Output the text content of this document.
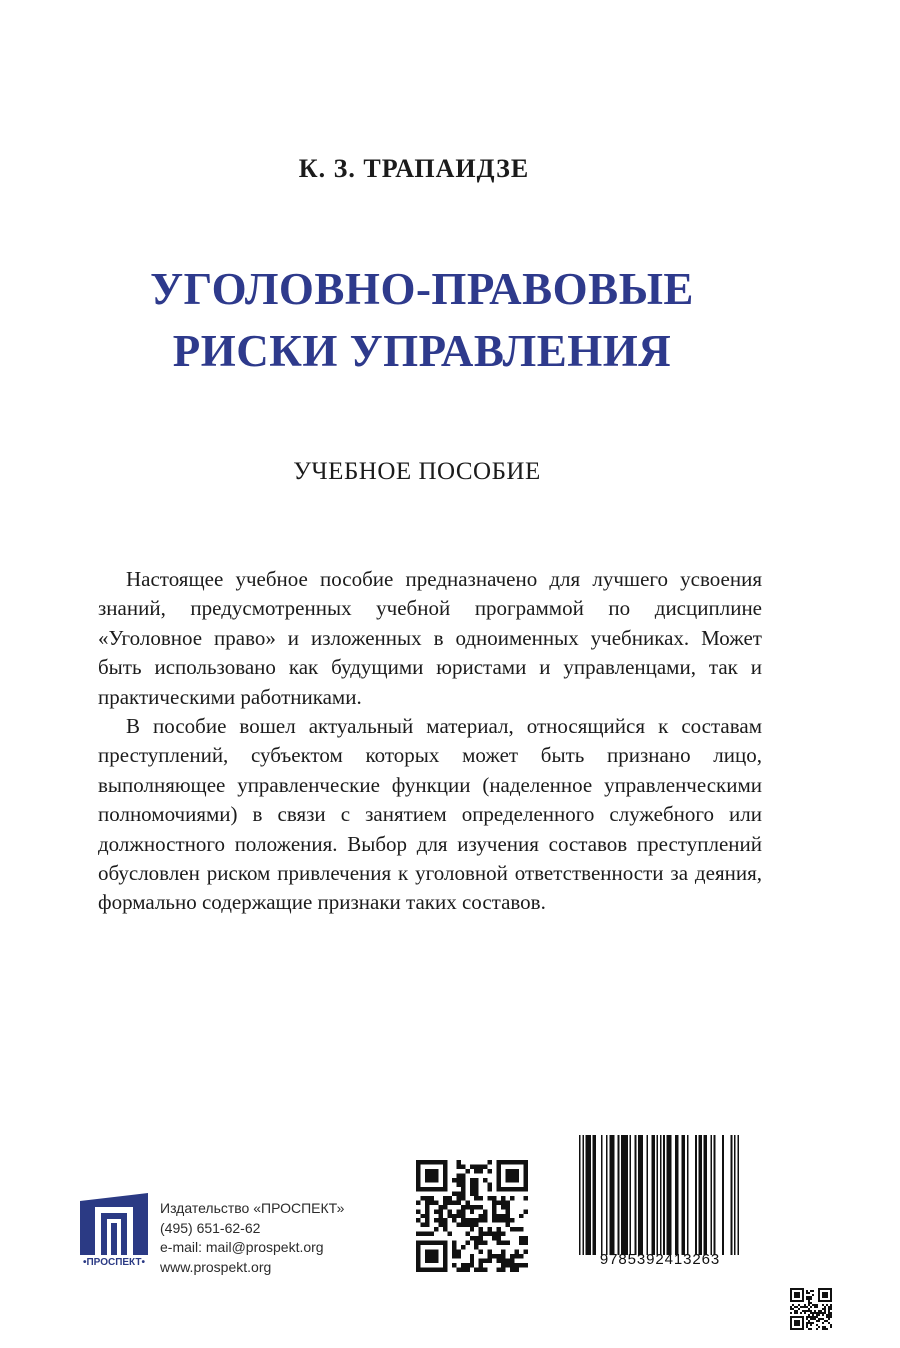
К. З. ТРАПАИДЗЕ
УГОЛОВНО-ПРАВОВЫЕ
РИСКИ УПРАВЛЕНИЯ
УЧЕБНОЕ ПОСОБИЕ

Настоящее учебное пособие предназначено для лучшего усвоения знаний, предусмотренных учебной программой по дисциплине «Уголовное право» и изложенных в одноименных учебниках. Может быть использовано как будущими юристами и управленцами, так и практическими работниками.

В пособие вошел актуальный материал, относящийся к составам преступлений, субъектом которых может быть признано лицо, выполняющее управленческие функции (наделенное управленческими полномочиями) в связи с занятием определенного служебного или должностного положения. Выбор для изучения составов преступлений обусловлен риском привлечения к уголовной ответственности за деяния, формально содержащие признаки таких составов.

•ПРОСПЕКТ•
Издательство «ПРОСПЕКТ»
(495) 651-62-62
e-mail: mail@prospekt.org
www.prospekt.org	9785392413263
